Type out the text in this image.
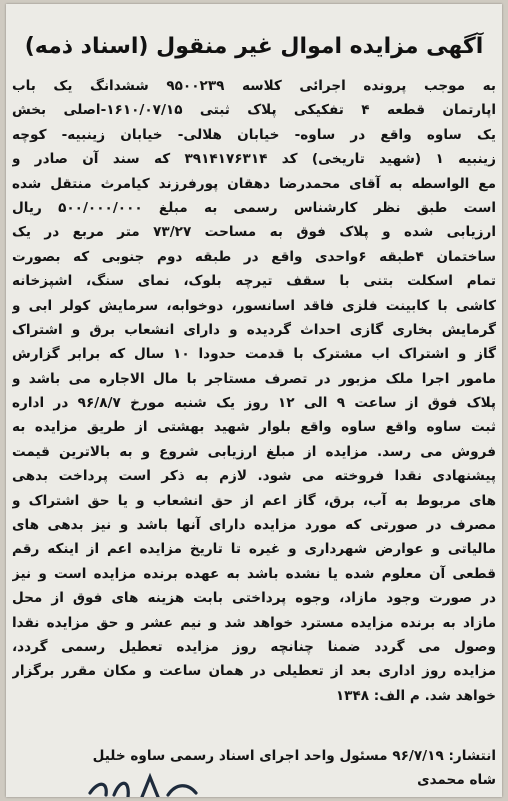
آگهی مزایده اموال غیر منقول (اسناد ذمه)
به موجب پرونده اجرائی کلاسه ۹۵۰۰۲۳۹ ششدانگ یک باب
اپارتمان قطعه ۴ تفکیکی پلاک ثبتی ۱۶۱۰/۰۷/۱۵-اصلی بخش
یک ساوه واقع در ساوه- خیابان هلالی- خیابان زینبیه- کوچه
زینبیه ۱ (شهید تاریخی) کد ۳۹۱۴۱۷۶۳۱۴ که سند آن صادر و
مع الواسطه به آقای محمدرضا دهقان پورفرزند کیامرث منتقل شده
است طبق نظر کارشناس رسمی به مبلغ ۵۰۰/۰۰۰/۰۰۰ ریال
ارزیابی شده و پلاک فوق به مساحت ۷۳/۲۷ متر مربع در یک
ساختمان ۴طبقه ۶واحدی واقع در طبقه دوم جنوبی که بصورت
تمام اسکلت بتنی با سقف تیرچه بلوک، نمای سنگ، اشپزخانه
کاشی با کابینت فلزی فاقد اسانسور، دوخوابه، سرمایش کولر ابی و
گرمایش بخاری گازی احداث گردیده و دارای انشعاب برق و اشتراک
گاز و اشتراک اب مشترک با قدمت حدودا ۱۰ سال که برابر گزارش
مامور اجرا ملک مزبور در تصرف مستاجر با مال الاجاره می باشد و
پلاک فوق از ساعت ۹ الی ۱۲ روز یک شنبه مورخ ۹۶/۸/۷ در اداره
ثبت ساوه واقع ساوه واقع بلوار شهید بهشتی از طریق مزایده به
فروش می رسد. مزایده از مبلغ ارزیابی شروع و به بالاترین قیمت
پیشنهادی نقدا فروخته می شود. لازم به ذکر است پرداخت بدهی
های مربوط به آب، برق، گاز اعم از حق انشعاب و یا حق اشتراک و
مصرف در صورتی که مورد مزایده دارای آنها باشد و نیز بدهی های
مالیاتی و عوارض شهرداری و غیره تا تاریخ مزایده اعم از اینکه رقم
قطعی آن معلوم شده یا نشده باشد به عهده برنده مزایده است و نیز
در صورت وجود مازاد، وجوه پرداختی بابت هزینه های فوق از محل
مازاد به برنده مزایده مسترد خواهد شد و نیم عشر و حق مزایده نقدا
وصول می گردد ضمنا چنانچه روز مزایده تعطیل رسمی گردد،
مزایده روز اداری بعد از تعطیلی در همان ساعت و مکان مقرر برگزار
خواهد شد. م الف: ۱۳۴۸
انتشار: ۹۶/۷/۱۹ مسئول واحد اجرای اسناد رسمی ساوه خلیل
شاه محمدی
